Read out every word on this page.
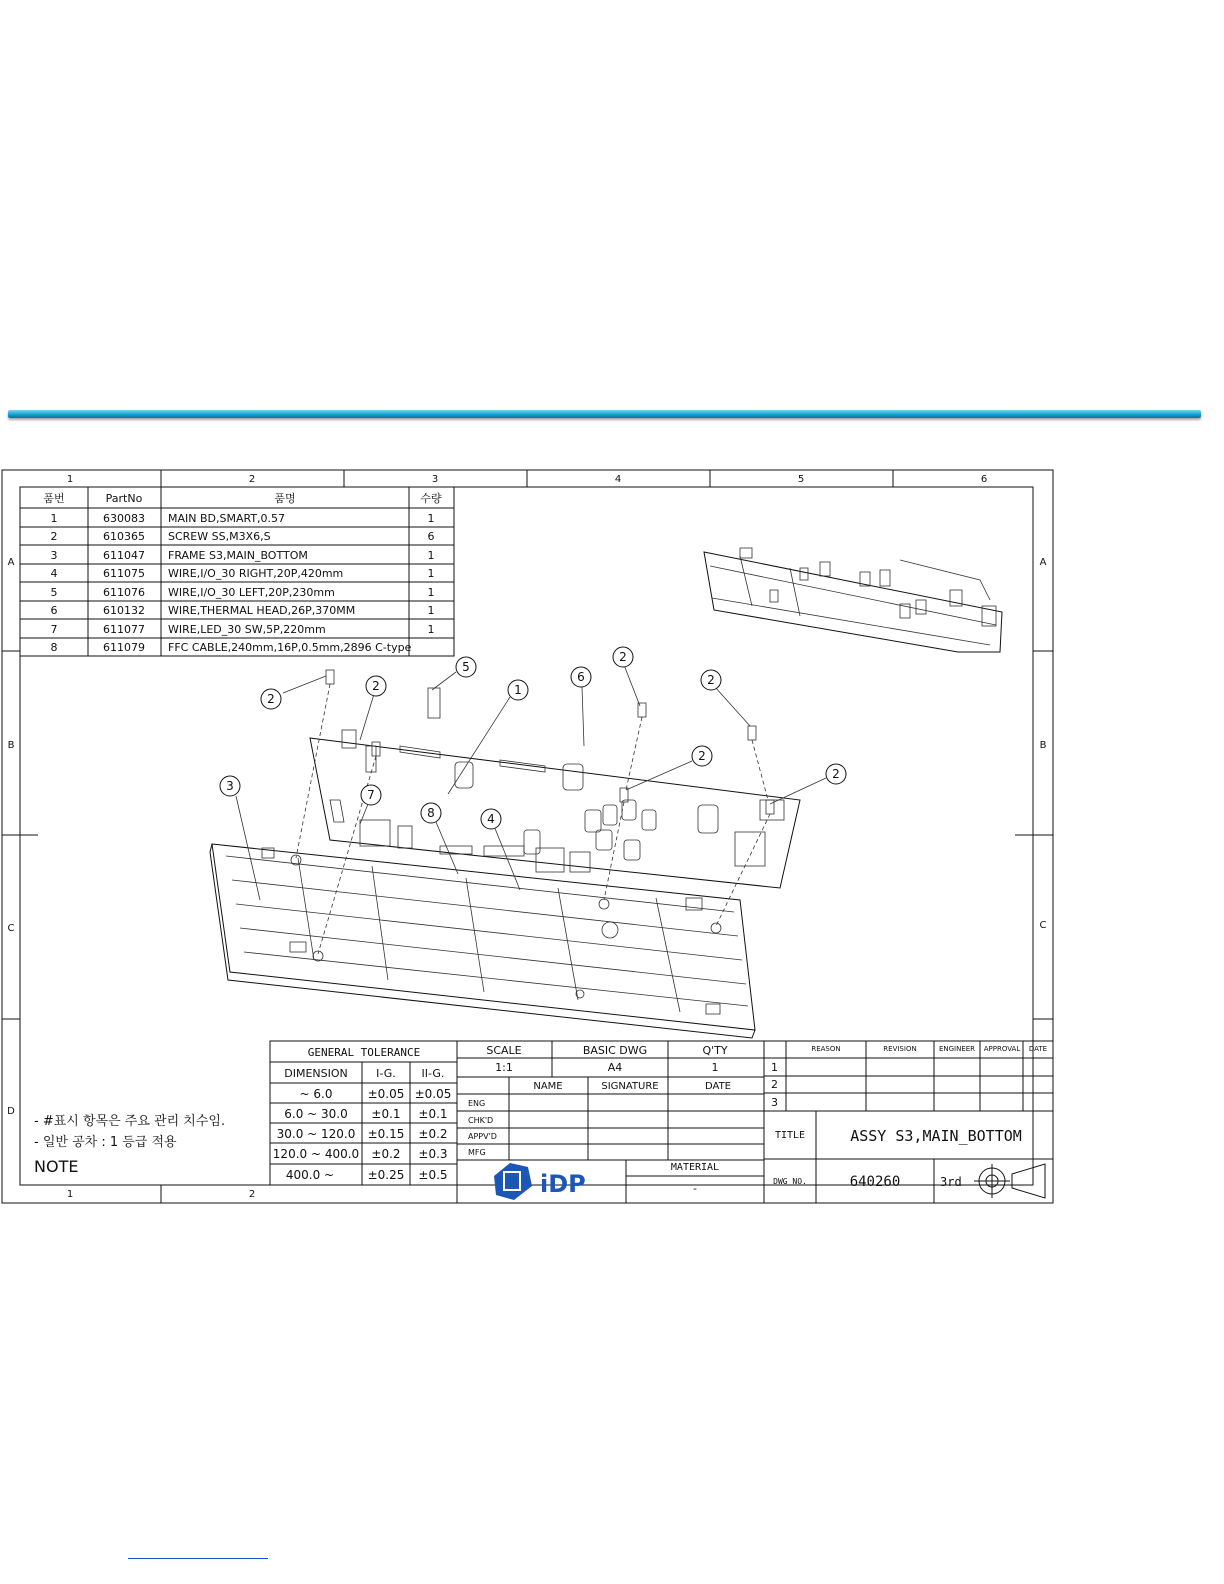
1	2	3	4	5	6
1	2
A
B
C
D
A
B
C
품번	PartNo	품명	수량
1	630083 MAIN BD,SMART,0.57	1
2	610365 SCREW SS,M3X6,S	6
3	611047 FRAME S3,MAIN_BOTTOM	1
4	611075 WIRE,I/O_30 RIGHT,20P,420mm	1
5	611076 WIRE,I/O_30 LEFT,20P,230mm	1
6	610132 WIRE,THERMAL HEAD,26P,370MM	1
7	611077 WIRE,LED_30 SW,5P,220mm	1
8	611079 FFC CABLE,240mm,16P,0.5mm,2896 C-type
2
2
5
1
6
2
2
2
2
3
7
8	4
- #표시 항목은 주요 관리 치수임.
- 일반 공차 : 1 등급 적용
NOTE
GENERAL TOLERANCE
DIMENSION	I-G. II-G.
~ 6.0	±0.05 ±0.05
6.0 ~ 30.0 ±0.1 ±0.1
30.0 ~ 120.0 ±0.15 ±0.2
120.0 ~ 400.0 ±0.2 ±0.3
400.0 ~	±0.25 ±0.5
SCALE	BASIC DWG	Q'TY
1:1	A4	1
NAME	SIGNATURE	DATE
ENG
CHK'D
APPV'D
MFG
iDP
MATERIAL
-
REASON	REVISION	ENGINEER APPROVAL DATE
1
2
3
TITLE	ASSY S3,MAIN_BOTTOM
DWG NO.	640260	3rd
